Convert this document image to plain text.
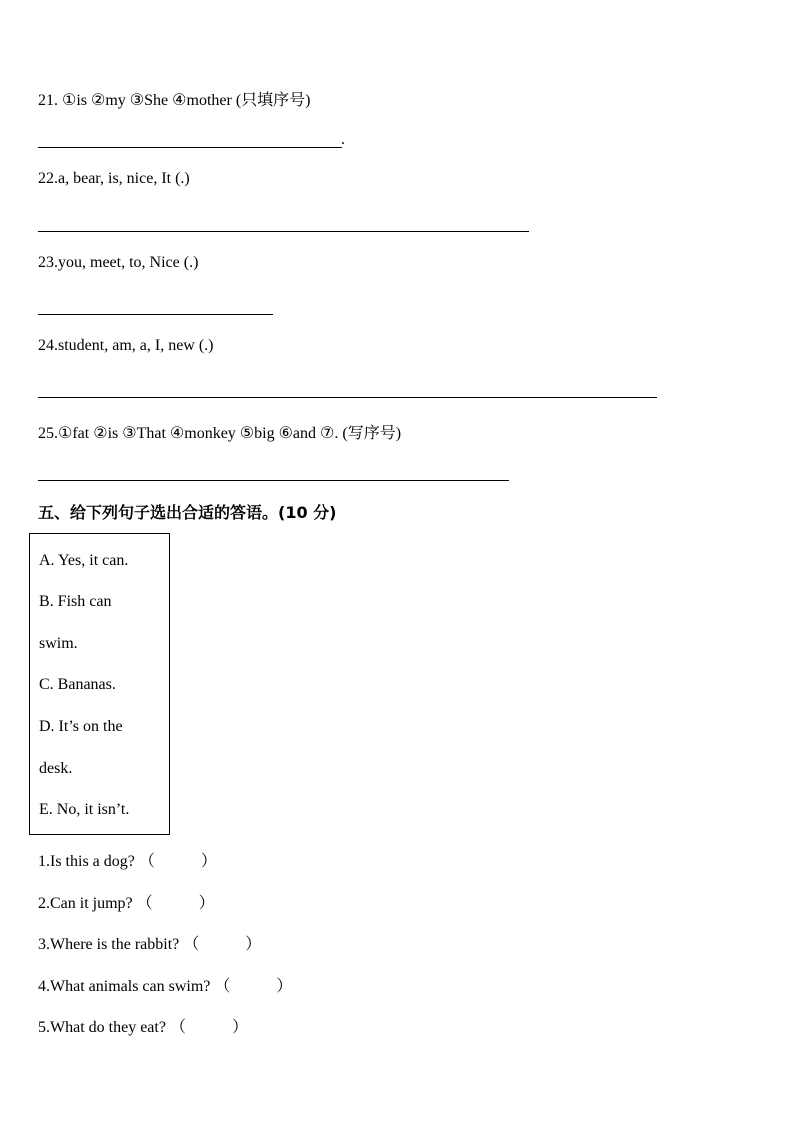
21. ①is ②my ③She ④mother (只填序号)
.
22.a, bear, is, nice, It (.)
23.you, meet, to, Nice (.)
24.student, am, a, I, new (.)
25.①fat ②is ③That ④monkey ⑤big ⑥and ⑦. (写序号)
五、给下列句子选出合适的答语。(10 分)
A. Yes, it can.
B. Fish can
swim.
C. Bananas.
D. It’s on the
desk.
E. No, it isn’t.
1.Is this a dog? （	）
2.Can it jump? （	）
3.Where is the rabbit? （	）
4.What animals can swim? （	）
5.What do they eat? （	）
